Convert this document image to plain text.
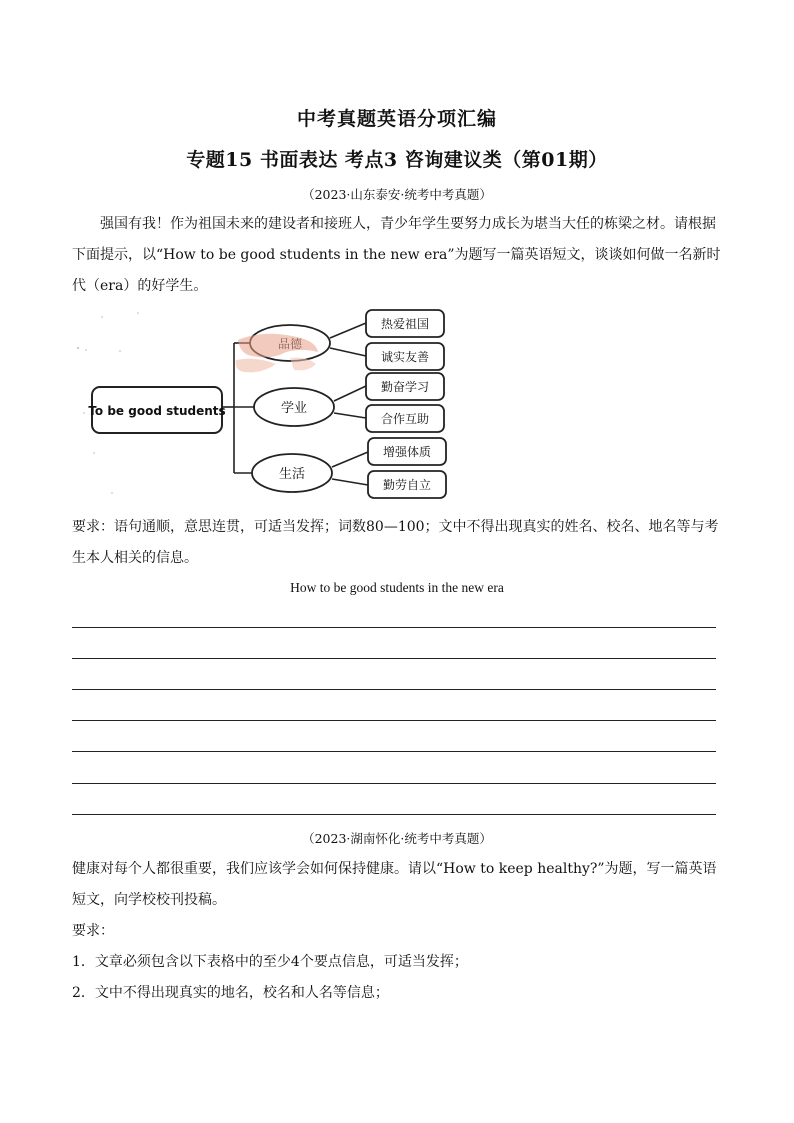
中考真题英语分项汇编
专题15 书面表达 考点3 咨询建议类（第01期）
（2023·山东泰安·统考中考真题）
强国有我！作为祖国未来的建设者和接班人，青少年学生要努力成长为堪当大任的栋梁之材。请根据下面提示，以“How to be good students in the new era”为题写一篇英语短文，谈谈如何做一名新时代（era）的好学生。
To be good students	学业
生活
热爱祖国
诚实友善
勤奋学习
合作互助
增强体质
勤劳自立
要求：语句通顺，意思连贯，可适当发挥；词数80—100；文中不得出现真实的姓名、校名、地名等与考生本人相关的信息。
How to be good students in the new era
（2023·湖南怀化·统考中考真题）
健康对每个人都很重要，我们应该学会如何保持健康。请以“How to keep healthy?”为题，写一篇英语短文，向学校校刊投稿。
要求：
1．文章必须包含以下表格中的至少4个要点信息，可适当发挥；
2．文中不得出现真实的地名，校名和人名等信息；
